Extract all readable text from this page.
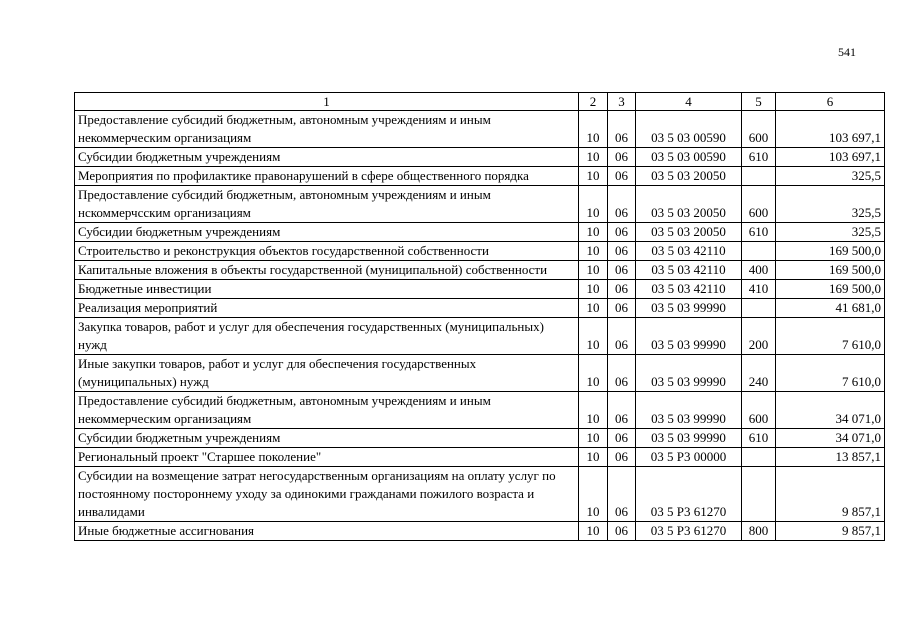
541
1	2	3	4	5	6
Предоставление субсидий бюджетным, автономным учреждениям и иным некоммерческим организациям	10	06	03 5 03 00590	600	103 697,1
Субсидии бюджетным учреждениям	10	06	03 5 03 00590	610	103 697,1
Мероприятия по профилактике правонарушений в сфере общественного порядка	10	06	03 5 03 20050		325,5
Предоставление субсидий бюджетным, автономным учреждениям и иным нскоммерчсским организациям	10	06	03 5 03 20050	600	325,5
Субсидии бюджетным учреждениям	10	06	03 5 03 20050	610	325,5
Строительство и реконструкция объектов государственной собственности	10	06	03 5 03 42110		169 500,0
Капитальные вложения в объекты государственной (муниципальной) собственности	10	06	03 5 03 42110	400	169 500,0
Бюджетные инвестиции	10	06	03 5 03 42110	410	169 500,0
Реализация мероприятий	10	06	03 5 03 99990		41 681,0
Закупка товаров, работ и услуг для обеспечения государственных (муниципальных) нужд	10	06	03 5 03 99990	200	7 610,0
Иные закупки товаров, работ и услуг для обеспечения государственных (муниципальных) нужд	10	06	03 5 03 99990	240	7 610,0
Предоставление субсидий бюджетным, автономным учреждениям и иным некоммерческим организациям	10	06	03 5 03 99990	600	34 071,0
Субсидии бюджетным учреждениям	10	06	03 5 03 99990	610	34 071,0
Региональный проект "Старшее поколение"	10	06	03 5 P3 00000		13 857,1
Субсидии на возмещение затрат негосударственным организациям на оплату услуг по постоянному постороннему уходу за одинокими гражданами пожилого возраста и инвалидами	10	06	03 5 P3 61270		9 857,1
Иные бюджетные ассигнования	10	06	03 5 P3 61270	800	9 857,1
